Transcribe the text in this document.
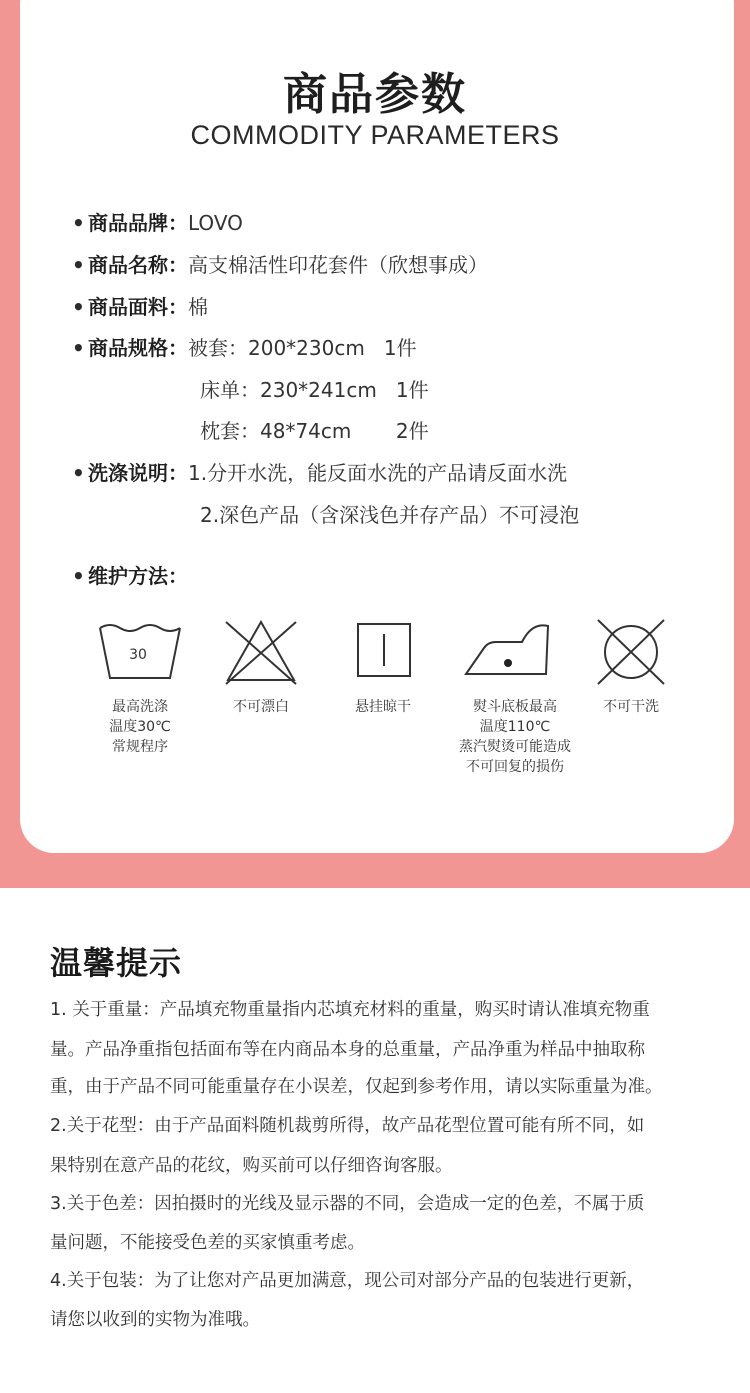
商品参数
COMMODITY PARAMETERS
• 商品品牌：LOVO
• 商品名称：高支棉活性印花套件（欣想事成）
• 商品面料：棉
• 商品规格：被套：200*230cm   1件
床单：230*241cm   1件
枕套：48*74cm       2件
• 洗涤说明：1.分开水洗，能反面水洗的产品请反面水洗
2.深色产品（含深浅色并存产品）不可浸泡
• 维护方法：
30
最高洗涤
温度30℃
常规程序
不可漂白	悬挂晾干	熨斗底板最高
温度110℃
蒸汽熨烫可能造成
不可回复的损伤
不可干洗
温馨提示
1. 关于重量：产品填充物重量指内芯填充材料的重量，购买时请认准填充物重
量。产品净重指包括面布等在内商品本身的总重量，产品净重为样品中抽取称
重，由于产品不同可能重量存在小误差，仅起到参考作用，请以实际重量为准。
2.关于花型：由于产品面料随机裁剪所得，故产品花型位置可能有所不同，如
果特别在意产品的花纹，购买前可以仔细咨询客服。
3.关于色差：因拍摄时的光线及显示器的不同，会造成一定的色差，不属于质
量问题，不能接受色差的买家慎重考虑。
4.关于包装：为了让您对产品更加满意，现公司对部分产品的包装进行更新，
请您以收到的实物为准哦。
